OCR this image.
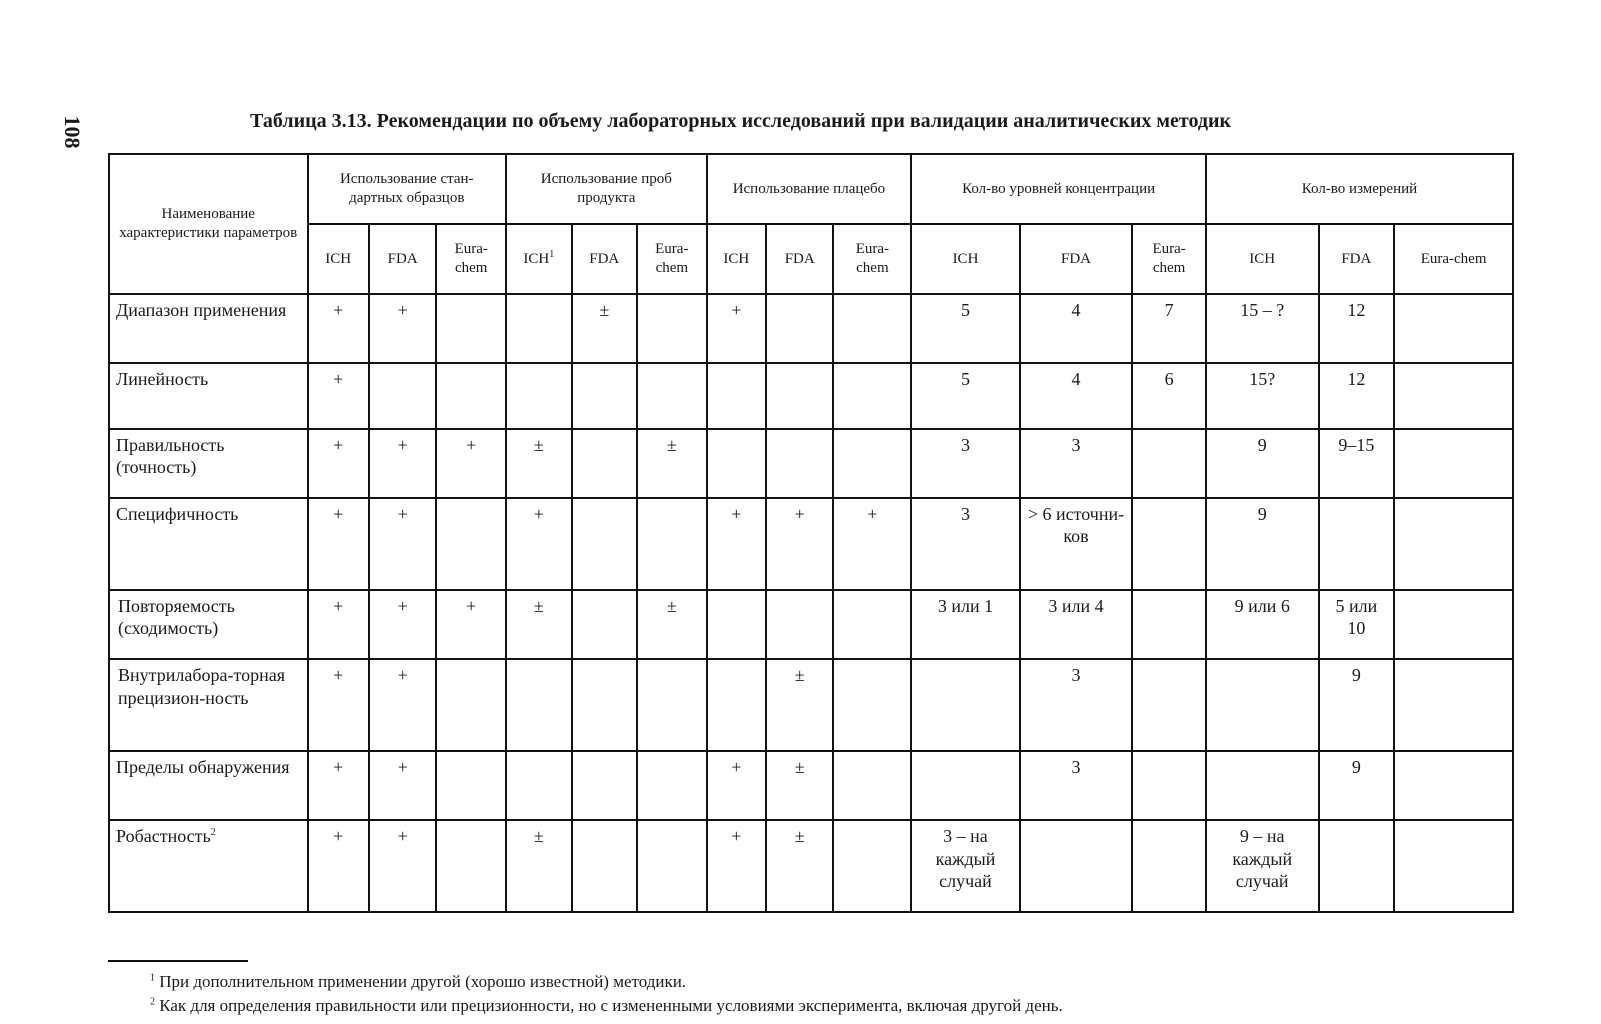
108	Таблица 3.13. Рекомендации по объему лабораторных исследований при валидации аналитических методик
Наименование характеристики параметров	Использование стан-дартных образцов			Использование проб продукта			Использование плацебо			Кол-во уровней концентрации			Кол-во измерений		
	ICH	FDA	Eura-chem	ICH$^1$	FDA	Eura-chem	ICH	FDA	Eura-chem	ICH	FDA	Eura-chem	ICH	FDA	Eura-chem
Диапазон применения	+	+			±		+			5	4	7	15 – ?	12	
Линейность	+									5	4	6	15?	12	
Правильность (точность)	+	+	+	±		±				3	3		9	9–15	
Специфичность	+	+		+			+	+	+	3	> 6 источни-ков		9		
Повторяемость (сходимость)	+	+	+	±		±				3 или 1	3 или 4		9 или 6	5 или 10	
Внутрилабора-торная прецизион-ность	+	+						±			3			9	
Пределы обнаружения	+	+					+	±			3			9	
Робастность$^2$	+	+		±			+	±		3 – на каждый случай			9 – на каждый случай		
$^1$ При дополнительном применении другой (хорошо известной) методики.
$^2$ Как для определения правильности или прецизионности, но с измененными условиями эксперимента, включая другой день.
